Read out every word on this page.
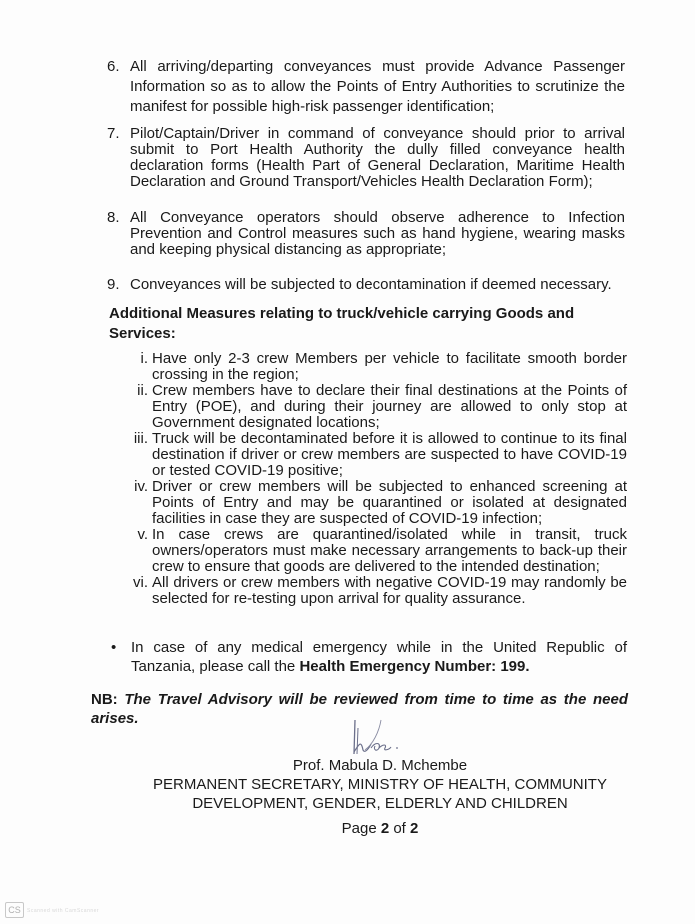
6. All arriving/departing conveyances must provide Advance Passenger Information so as to allow the Points of Entry Authorities to scrutinize the manifest for possible high-risk passenger identification;
7. Pilot/Captain/Driver in command of conveyance should prior to arrival submit to Port Health Authority the dully filled conveyance health declaration forms (Health Part of General Declaration, Maritime Health Declaration and Ground Transport/Vehicles Health Declaration Form);
8. All Conveyance operators should observe adherence to Infection Prevention and Control measures such as hand hygiene, wearing masks and keeping physical distancing as appropriate;
9. Conveyances will be subjected to decontamination if deemed necessary.
Additional Measures relating to truck/vehicle carrying Goods and Services:
i. Have only 2-3 crew Members per vehicle to facilitate smooth border crossing in the region;
ii. Crew members have to declare their final destinations at the Points of Entry (POE), and during their journey are allowed to only stop at Government designated locations;
iii. Truck will be decontaminated before it is allowed to continue to its final destination if driver or crew members are suspected to have COVID-19 or tested COVID-19 positive;
iv. Driver or crew members will be subjected to enhanced screening at Points of Entry and may be quarantined or isolated at designated facilities in case they are suspected of COVID-19 infection;
v. In case crews are quarantined/isolated while in transit, truck owners/operators must make necessary arrangements to back-up their crew to ensure that goods are delivered to the intended destination;
vi. All drivers or crew members with negative COVID-19 may randomly be selected for re-testing upon arrival for quality assurance.
• In case of any medical emergency while in the United Republic of Tanzania, please call the Health Emergency Number: 199.
NB: The Travel Advisory will be reviewed from time to time as the need arises.
Prof. Mabula D. Mchembe
PERMANENT SECRETARY, MINISTRY OF HEALTH, COMMUNITY
DEVELOPMENT, GENDER, ELDERLY AND CHILDREN
Page 2 of 2
CS	Scanned with CamScanner
